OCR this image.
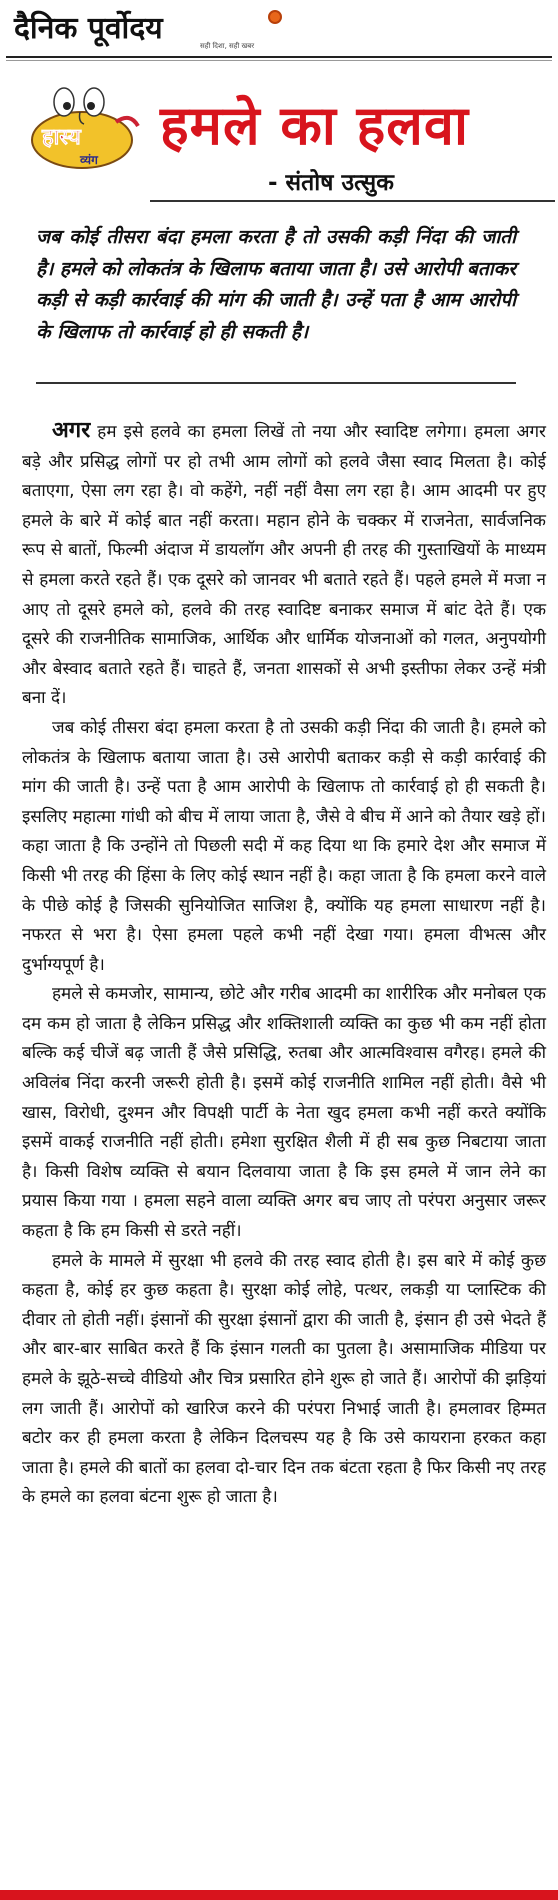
दैनिक पूर्वोदय	सही दिशा, सही खबर
हास्य
व्यंग
हमले का हलवा
- संतोष उत्सुक
जब कोई तीसरा बंदा हमला करता है तो उसकी कड़ी निंदा की जाती है। हमले को लोकतंत्र के खिलाफ बताया जाता है। उसे आरोपी बताकर कड़ी से कड़ी कार्रवाई की मांग की जाती है। उन्हें पता है आम आरोपी के खिलाफ तो कार्रवाई हो ही सकती है।

अगर हम इसे हलवे का हमला लिखें तो नया और स्वादिष्ट लगेगा। हमला अगर बड़े और प्रसिद्ध लोगों पर हो तभी आम लोगों को हलवे जैसा स्वाद मिलता है। कोई बताएगा, ऐसा लग रहा है। वो कहेंगे, नहीं नहीं वैसा लग रहा है। आम आदमी पर हुए हमले के बारे में कोई बात नहीं करता। महान होने के चक्कर में राजनेता, सार्वजनिक रूप से बातों, फिल्मी अंदाज में डायलॉग और अपनी ही तरह की गुस्ताखियों के माध्यम से हमला करते रहते हैं। एक दूसरे को जानवर भी बताते रहते हैं। पहले हमले में मजा न आए तो दूसरे हमले को, हलवे की तरह स्वादिष्ट बनाकर समाज में बांट देते हैं। एक दूसरे की राजनीतिक सामाजिक, आर्थिक और धार्मिक योजनाओं को गलत, अनुपयोगी और बेस्वाद बताते रहते हैं। चाहते हैं, जनता शासकों से अभी इस्तीफा लेकर उन्हें मंत्री बना दें।

जब कोई तीसरा बंदा हमला करता है तो उसकी कड़ी निंदा की जाती है। हमले को लोकतंत्र के खिलाफ बताया जाता है। उसे आरोपी बताकर कड़ी से कड़ी कार्रवाई की मांग की जाती है। उन्हें पता है आम आरोपी के खिलाफ तो कार्रवाई हो ही सकती है। इसलिए महात्मा गांधी को बीच में लाया जाता है, जैसे वे बीच में आने को तैयार खड़े हों। कहा जाता है कि उन्होंने तो पिछली सदी में कह दिया था कि हमारे देश और समाज में किसी भी तरह की हिंसा के लिए कोई स्थान नहीं है। कहा जाता है कि हमला करने वाले के पीछे कोई है जिसकी सुनियोजित साजिश है, क्योंकि यह हमला साधारण नहीं है। नफरत से भरा है। ऐसा हमला पहले कभी नहीं देखा गया। हमला वीभत्स और दुर्भाग्यपूर्ण है।

हमले से कमजोर, सामान्य, छोटे और गरीब आदमी का शारीरिक और मनोबल एक दम कम हो जाता है लेकिन प्रसिद्ध और शक्तिशाली व्यक्ति का कुछ भी कम नहीं होता बल्कि कई चीजें बढ़ जाती हैं जैसे प्रसिद्धि, रुतबा और आत्मविश्वास वगैरह। हमले की अविलंब निंदा करनी जरूरी होती है। इसमें कोई राजनीति शामिल नहीं होती। वैसे भी खास, विरोधी, दुश्मन और विपक्षी पार्टी के नेता खुद हमला कभी नहीं करते क्योंकि इसमें वाकई राजनीति नहीं होती। हमेशा सुरक्षित शैली में ही सब कुछ निबटाया जाता है। किसी विशेष व्यक्ति से बयान दिलवाया जाता है कि इस हमले में जान लेने का प्रयास किया गया । हमला सहने वाला व्यक्ति अगर बच जाए तो परंपरा अनुसार जरूर कहता है कि हम किसी से डरते नहीं।

हमले के मामले में सुरक्षा भी हलवे की तरह स्वाद होती है। इस बारे में कोई कुछ कहता है, कोई हर कुछ कहता है। सुरक्षा कोई लोहे, पत्थर, लकड़ी या प्लास्टिक की दीवार तो होती नहीं। इंसानों की सुरक्षा इंसानों द्वारा की जाती है, इंसान ही उसे भेदते हैं और बार-बार साबित करते हैं कि इंसान गलती का पुतला है। असामाजिक मीडिया पर हमले के झूठे-सच्चे वीडियो और चित्र प्रसारित होने शुरू हो जाते हैं। आरोपों की झड़ियां लग जाती हैं। आरोपों को खारिज करने की परंपरा निभाई जाती है। हमलावर हिम्मत बटोर कर ही हमला करता है लेकिन दिलचस्प यह है कि उसे कायराना हरकत कहा जाता है। हमले की बातों का हलवा दो-चार दिन तक बंटता रहता है फिर किसी नए तरह के हमले का हलवा बंटना शुरू हो जाता है।
